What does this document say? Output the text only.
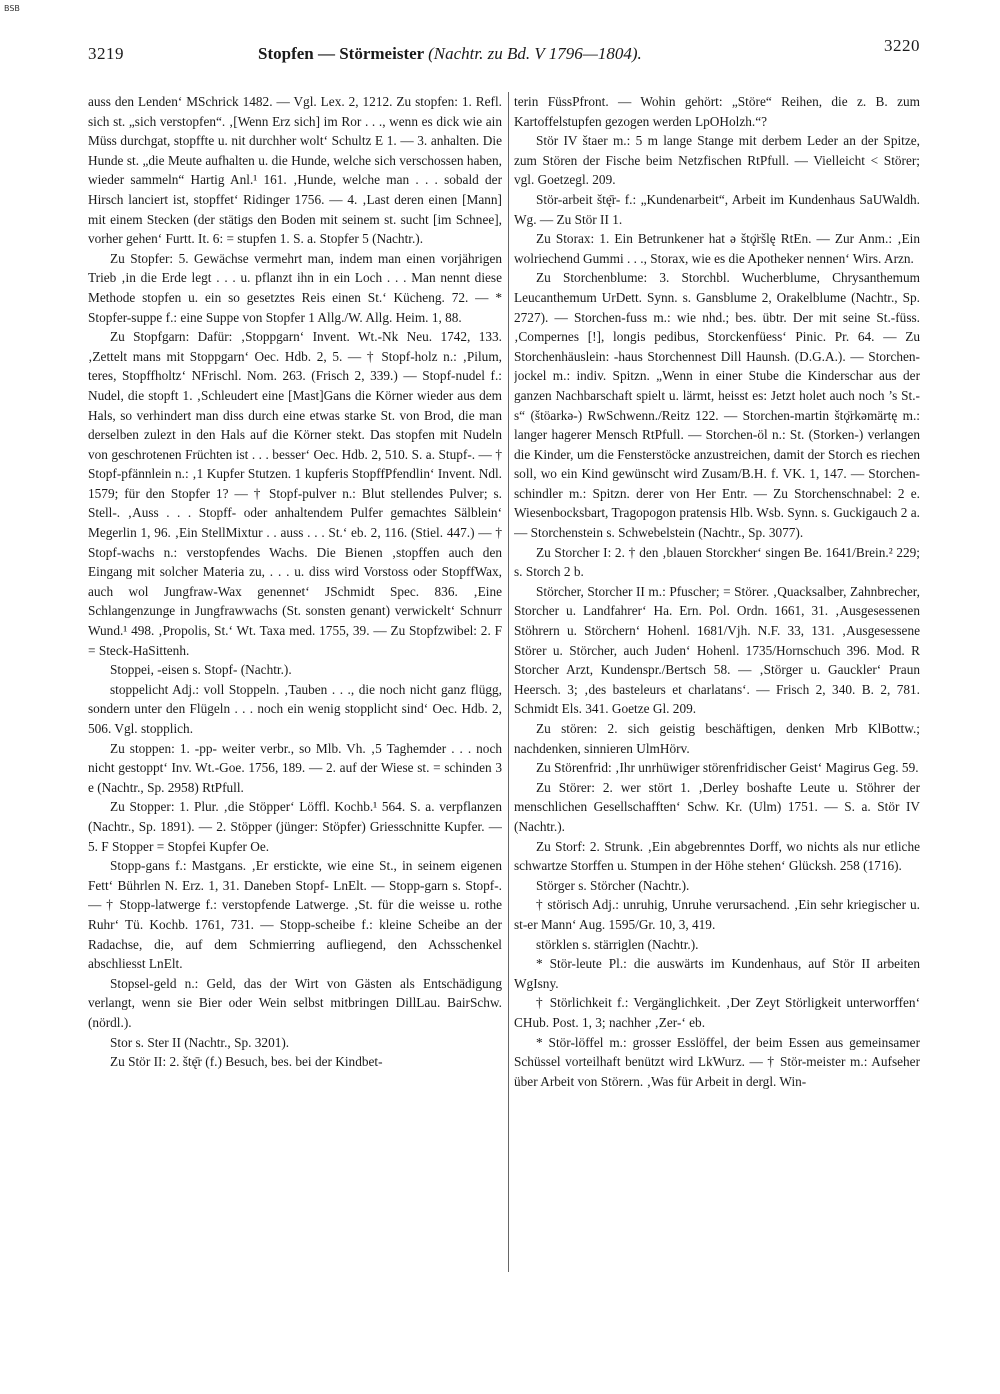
BSB
3219	Stopfen — Störmeister (Nachtr. zu Bd. V 1796—1804).	3220

auss den Lenden‘ MSchrick 1482. — Vgl. Lex. 2, 1212. Zu stopfen: 1. Refl. sich st. „sich verstopfen“. ‚[Wenn Erz sich] im Ror . . ., wenn es dick wie ain Müss durchgat, stopffte u. nit durchher wolt‘ Schultz E 1. — 3. anhalten. Die Hunde st. „die Meute aufhalten u. die Hunde, welche sich verschossen haben, wieder sammeln“ Hartig Anl.¹ 161. ‚Hunde, welche man . . . sobald der Hirsch lanciert ist, stopffet‘ Ridinger 1756. — 4. ‚Last deren einen [Mann] mit einem Stecken (der stätigs den Boden mit seinem st. sucht [im Schnee], vorher gehen‘ Furtt. It. 6: = stupfen 1. S. a. Stopfer 5 (Nachtr.).

Zu Stopfer: 5. Gewächse vermehrt man, indem man einen vorjährigen Trieb ‚in die Erde legt . . . u. pflanzt ihn in ein Loch . . . Man nennt diese Methode stopfen u. ein so gesetztes Reis einen St.‘ Kücheng. 72. — * Stopfer-suppe f.: eine Suppe von Stopfer 1 Allg./W. Allg. Heim. 1, 88.

Zu Stopfgarn: Dafür: ‚Stoppgarn‘ Invent. Wt.-Nk Neu. 1742, 133. ‚Zettelt mans mit Stoppgarn‘ Oec. Hdb. 2, 5. — † Stopf-holz n.: ‚Pilum, teres, Stopffholtz‘ NFrischl. Nom. 263. (Frisch 2, 339.) — Stopf-nudel f.: Nudel, die stopft 1. ‚Schleudert eine [Mast]Gans die Körner wieder aus dem Hals, so verhindert man diss durch eine etwas starke St. von Brod, die man derselben zulezt in den Hals auf die Körner stekt. Das stopfen mit Nudeln von geschrotenen Früchten ist . . . besser‘ Oec. Hdb. 2, 510. S. a. Stupf-. — † Stopf-pfännlein n.: ‚1 Kupfer Stutzen. 1 kupferis StopffPfendlin‘ Invent. Ndl. 1579; für den Stopfer 1? — † Stopf-pulver n.: Blut stellendes Pulver; s. Stell-. ‚Auss . . . Stopff- oder anhaltendem Pulfer gemachtes Sälblein‘ Megerlin 1, 96. ‚Ein StellMixtur . . auss . . . St.‘ eb. 2, 116. (Stiel. 447.) — † Stopf-wachs n.: verstopfendes Wachs. Die Bienen ‚stopffen auch den Eingang mit solcher Materia zu, . . . u. diss wird Vorstoss oder StopffWax, auch wol Jungfraw-Wax genennet‘ JSchmidt Spec. 836. ‚Eine Schlangenzunge in Jungfrawwachs (St. sonsten genant) verwickelt‘ Schnurr Wund.¹ 498. ‚Propolis, St.‘ Wt. Taxa med. 1755, 39. — Zu Stopfzwibel: 2. F = Steck-HaSittenh.

Stoppei, -eisen s. Stopf- (Nachtr.).

stoppelicht Adj.: voll Stoppeln. ‚Tauben . . ., die noch nicht ganz flügg, sondern unter den Flügeln . . . noch ein wenig stopplicht sind‘ Oec. Hdb. 2, 506. Vgl. stopplich.

Zu stoppen: 1. -pp- weiter verbr., so Mlb. Vh. ‚5 Taghemder . . . noch nicht gestoppt‘ Inv. Wt.-Goe. 1756, 189. — 2. auf der Wiese st. = schinden 3 e (Nachtr., Sp. 2958) RtPfull.

Zu Stopper: 1. Plur. ‚die Stöpper‘ Löffl. Kochb.¹ 564. S. a. verpflanzen (Nachtr., Sp. 1891). — 2. Stöpper (jünger: Stöpfer) Griesschnitte Kupfer. — 5. F Stopper = Stopfei Kupfer Oe.

Stopp-gans f.: Mastgans. ‚Er erstickte, wie eine St., in seinem eigenen Fett‘ Bührlen N. Erz. 1, 31. Daneben Stopf- LnElt. — Stopp-garn s. Stopf-. — † Stopp-latwerge f.: verstopfende Latwerge. ‚St. für die weisse u. rothe Ruhr‘ Tü. Kochb. 1761, 731. — Stopp-scheibe f.: kleine Scheibe an der Radachse, die, auf dem Schmierring aufliegend, den Achsschenkel abschliesst LnElt.

Stopsel-geld n.: Geld, das der Wirt von Gästen als Entschädigung verlangt, wenn sie Bier oder Wein selbst mitbringen DillLau. BairSchw. (nördl.).

Stor s. Ster II (Nachtr., Sp. 3201).

Zu Stör II: 2. štę̄r (f.) Besuch, bes. bei der Kindbet-

terin FüssPfront. — Wohin gehört: „Störe“ Reihen, die z. B. zum Kartoffelstupfen gezogen werden LpOHolzh.“?

Stör IV štaer m.: 5 m lange Stange mit derbem Leder an der Spitze, zum Stören der Fische beim Netzfischen RtPfull. — Vielleicht < Störer; vgl. Goetzegl. 209.

Stör-arbeit štę̄r- f.: „Kundenarbeit“, Arbeit im Kundenhaus SaUWaldh. Wg. — Zu Stör II 1.

Zu Storax: 1. Ein Betrunkener hat ə štǫ̈ršlę RtEn. — Zur Anm.: ‚Ein wolriechend Gummi . . ., Storax, wie es die Apotheker nennen‘ Wirs. Arzn.

Zu Storchenblume: 3. Storchbl. Wucherblume, Chrysanthemum Leucanthemum UrDett. Synn. s. Gansblume 2, Orakelblume (Nachtr., Sp. 2727). — Storchen-fuss m.: wie nhd.; bes. übtr. Der mit seine St.-füss. ‚Compernes [!], longis pedibus, Storckenfüess‘ Pinic. Pr. 64. — Zu Storchenhäuslein: -haus Storchennest Dill Haunsh. (D.G.A.). — Storchen-jockel m.: indiv. Spitzn. „Wenn in einer Stube die Kinderschar aus der ganzen Nachbarschaft spielt u. lärmt, heisst es: Jetzt holet auch noch ’s St.-s“ (štöarkə-) RwSchwenn./Reitz 122. — Storchen-martin štǫ̈rkəmärtę m.: langer hagerer Mensch RtPfull. — Storchen-öl n.: St. (Storken-) verlangen die Kinder, um die Fensterstöcke anzustreichen, damit der Storch es riechen soll, wo ein Kind gewünscht wird Zusam/B.H. f. VK. 1, 147. — Storchen-schindler m.: Spitzn. derer von Her Entr. — Zu Storchenschnabel: 2 e. Wiesenbocksbart, Tragopogon pratensis Hlb. Wsb. Synn. s. Guckigauch 2 a. — Storchenstein s. Schwebelstein (Nachtr., Sp. 3077).

Zu Storcher I: 2. † den ‚blauen Storckher‘ singen Be. 1641/Brein.² 229; s. Storch 2 b.

Störcher, Storcher II m.: Pfuscher; = Störer. ‚Quacksalber, Zahnbrecher, Storcher u. Landfahrer‘ Ha. Ern. Pol. Ordn. 1661, 31. ‚Ausgesessenen Stöhrern u. Störchern‘ Hohenl. 1681/Vjh. N.F. 33, 131. ‚Ausgesessene Störer u. Störcher, auch Juden‘ Hohenl. 1735/Hornschuch 396. Mod. R Storcher Arzt, Kundenspr./Bertsch 58. — ‚Störger u. Gauckler‘ Praun Heersch. 3; ‚des basteleurs et charlatans‘. — Frisch 2, 340. B. 2, 781. Schmidt Els. 341. Goetze Gl. 209.

Zu stören: 2. sich geistig beschäftigen, denken Mrb KlBottw.; nachdenken, sinnieren UlmHörv.

Zu Störenfrid: ‚Ihr unrhüwiger störenfridischer Geist‘ Magirus Geg. 59.

Zu Störer: 2. wer stört 1. ‚Derley boshafte Leute u. Stöhrer der menschlichen Gesellschafften‘ Schw. Kr. (Ulm) 1751. — S. a. Stör IV (Nachtr.).

Zu Storf: 2. Strunk. ‚Ein abgebrenntes Dorff, wo nichts als nur etliche schwartze Storffen u. Stumpen in der Höhe stehen‘ Glücksh. 258 (1716).

Störger s. Störcher (Nachtr.).

† störisch Adj.: unruhig, Unruhe verursachend. ‚Ein sehr kriegischer u. st-er Mann‘ Aug. 1595/Gr. 10, 3, 419.

störklen s. stärriglen (Nachtr.).

* Stör-leute Pl.: die auswärts im Kundenhaus, auf Stör II arbeiten WgIsny.

† Störlichkeit f.: Vergänglichkeit. ‚Der Zeyt Störligkeit unterworffen‘ CHub. Post. 1, 3; nachher ‚Zer-‘ eb.

* Stör-löffel m.: grosser Esslöffel, der beim Essen aus gemeinsamer Schüssel vorteilhaft benützt wird LkWurz. — † Stör-meister m.: Aufseher über Arbeit von Störern. ‚Was für Arbeit in dergl. Win-
